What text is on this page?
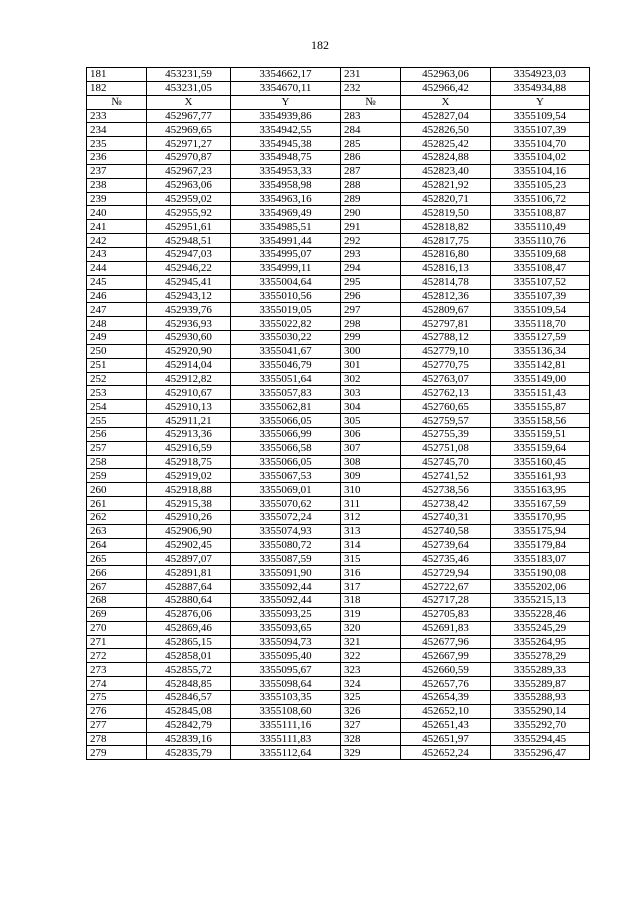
182
181	453231,59	3354662,17	231	452963,06	3354923,03
182	453231,05	3354670,11	232	452966,42	3354934,88
№	X	Y	№	X	Y
233	452967,77	3354939,86	283	452827,04	3355109,54
234	452969,65	3354942,55	284	452826,50	3355107,39
235	452971,27	3354945,38	285	452825,42	3355104,70
236	452970,87	3354948,75	286	452824,88	3355104,02
237	452967,23	3354953,33	287	452823,40	3355104,16
238	452963,06	3354958,98	288	452821,92	3355105,23
239	452959,02	3354963,16	289	452820,71	3355106,72
240	452955,92	3354969,49	290	452819,50	3355108,87
241	452951,61	3354985,51	291	452818,82	3355110,49
242	452948,51	3354991,44	292	452817,75	3355110,76
243	452947,03	3354995,07	293	452816,80	3355109,68
244	452946,22	3354999,11	294	452816,13	3355108,47
245	452945,41	3355004,64	295	452814,78	3355107,52
246	452943,12	3355010,56	296	452812,36	3355107,39
247	452939,76	3355019,05	297	452809,67	3355109,54
248	452936,93	3355022,82	298	452797,81	3355118,70
249	452930,60	3355030,22	299	452788,12	3355127,59
250	452920,90	3355041,67	300	452779,10	3355136,34
251	452914,04	3355046,79	301	452770,75	3355142,81
252	452912,82	3355051,64	302	452763,07	3355149,00
253	452910,67	3355057,83	303	452762,13	3355151,43
254	452910,13	3355062,81	304	452760,65	3355155,87
255	452911,21	3355066,05	305	452759,57	3355158,56
256	452913,36	3355066,99	306	452755,39	3355159,51
257	452916,59	3355066,58	307	452751,08	3355159,64
258	452918,75	3355066,05	308	452745,70	3355160,45
259	452919,02	3355067,53	309	452741,52	3355161,93
260	452918,88	3355069,01	310	452738,56	3355163,95
261	452915,38	3355070,62	311	452738,42	3355167,59
262	452910,26	3355072,24	312	452740,31	3355170,95
263	452906,90	3355074,93	313	452740,58	3355175,94
264	452902,45	3355080,72	314	452739,64	3355179,84
265	452897,07	3355087,59	315	452735,46	3355183,07
266	452891,81	3355091,90	316	452729,94	3355190,08
267	452887,64	3355092,44	317	452722,67	3355202,06
268	452880,64	3355092,44	318	452717,28	3355215,13
269	452876,06	3355093,25	319	452705,83	3355228,46
270	452869,46	3355093,65	320	452691,83	3355245,29
271	452865,15	3355094,73	321	452677,96	3355264,95
272	452858,01	3355095,40	322	452667,99	3355278,29
273	452855,72	3355095,67	323	452660,59	3355289,33
274	452848,85	3355098,64	324	452657,76	3355289,87
275	452846,57	3355103,35	325	452654,39	3355288,93
276	452845,08	3355108,60	326	452652,10	3355290,14
277	452842,79	3355111,16	327	452651,43	3355292,70
278	452839,16	3355111,83	328	452651,97	3355294,45
279	452835,79	3355112,64	329	452652,24	3355296,47
